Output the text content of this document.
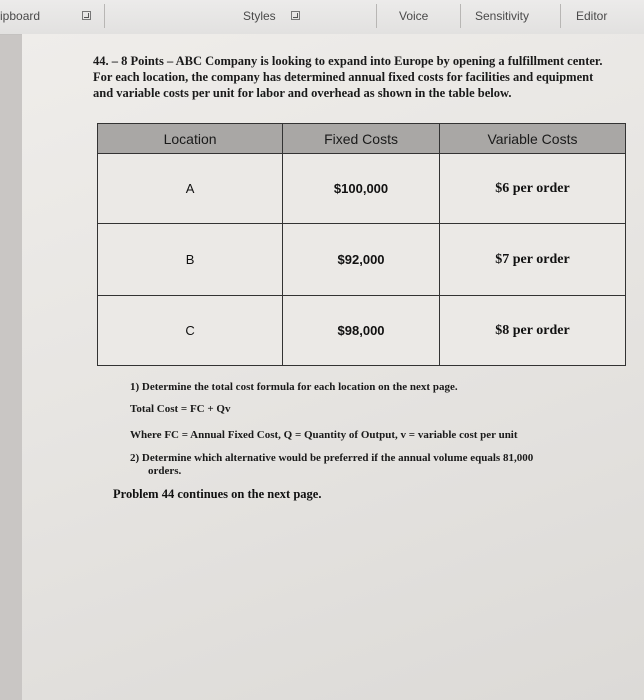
ipboard	Styles	Voice	Sensitivity	Editor
44. – 8 Points – ABC Company is looking to expand into Europe by opening a fulfillment center. For each location, the company has determined annual fixed costs for facilities and equipment and variable costs per unit for labor and overhead as shown in the table below.
Location	Fixed Costs	Variable Costs
A	$100,000	$6 per order
B	$92,000	$7 per order
C	$98,000	$8 per order
1) Determine the total cost formula for each location on the next page.
Total Cost = FC + Qv
Where FC = Annual Fixed Cost, Q = Quantity of Output, v = variable cost per unit
2) Determine which alternative would be preferred if the annual volume equals 81,000
orders.
Problem 44 continues on the next page.
